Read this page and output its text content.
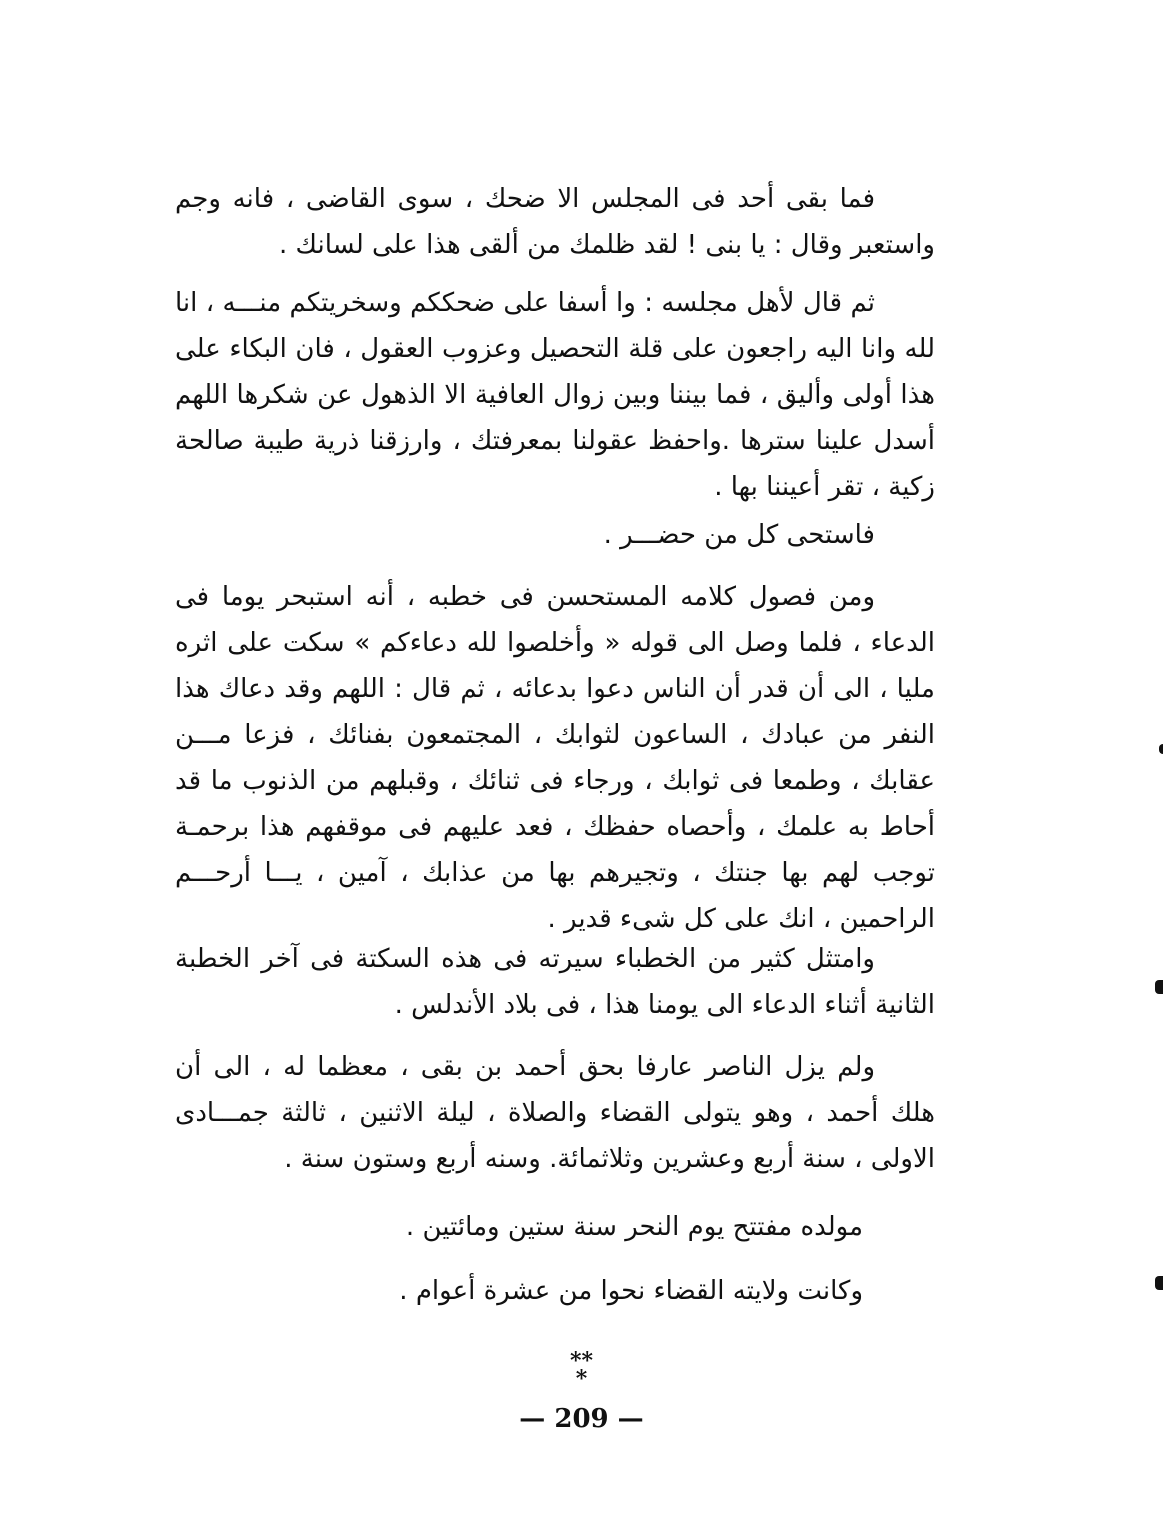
فما بقى أحد فى المجلس الا ضحك ، سوى القاضى ، فانه وجم واستعبر وقال : يا بنى ! لقد ظلمك من ألقى هذا على لسانك .

ثم قال لأهل مجلسه : وا أسفا على ضحككم وسخريتكم منـــه ، انا لله وانا اليه راجعون على قلة التحصيل وعزوب العقول ، فان البكاء على هذا أولى وأليق ، فما بيننا وبين زوال العافية الا الذهول عن شكرها اللهم أسدل علينا سترها .واحفظ عقولنا بمعرفتك ، وارزقنا ذرية طيبة صالحة زكية ، تقر أعيننا بها .

فاستحى كل من حضـــر .

ومن فصول كلامه المستحسن فى خطبه ، أنه استبحر يوما فى الدعاء ، فلما وصل الى قوله « وأخلصوا لله دعاءكم » سكت على اثره مليا ، الى أن قدر أن الناس دعوا بدعائه ، ثم قال : اللهم وقد دعاك هذا النفر من عبادك ، الساعون لثوابك ، المجتمعون بفنائك ، فزعا مـــن عقابك ، وطمعا فى ثوابك ، ورجاء فى ثنائك ، وقبلهم من الذنوب ما قد أحاط به علمك ، وأحصاه حفظك ، فعد عليهم فى موقفهم هذا برحمـة توجب لهم بها جنتك ، وتجيرهم بها من عذابك ، آمين ، يـــا أرحـــم الراحمين ، انك على كل شىء قدير .

وامتثل كثير من الخطباء سيرته فى هذه السكتة فى آخر الخطبة الثانية أثناء الدعاء الى يومنا هذا ، فى بلاد الأندلس .

ولم يزل الناصر عارفا بحق أحمد بن بقى ، معظما له ، الى أن هلك أحمد ، وهو يتولى القضاء والصلاة ، ليلة الاثنين ، ثالثة جمـــادى الاولى ، سنة أربع وعشرين وثلاثمائة. وسنه أربع وستون سنة .

مولده مفتتح يوم النحر سنة ستين ومائتين .
وكانت ولايته القضاء نحوا من عشرة أعوام .
**
*
— 209 —
